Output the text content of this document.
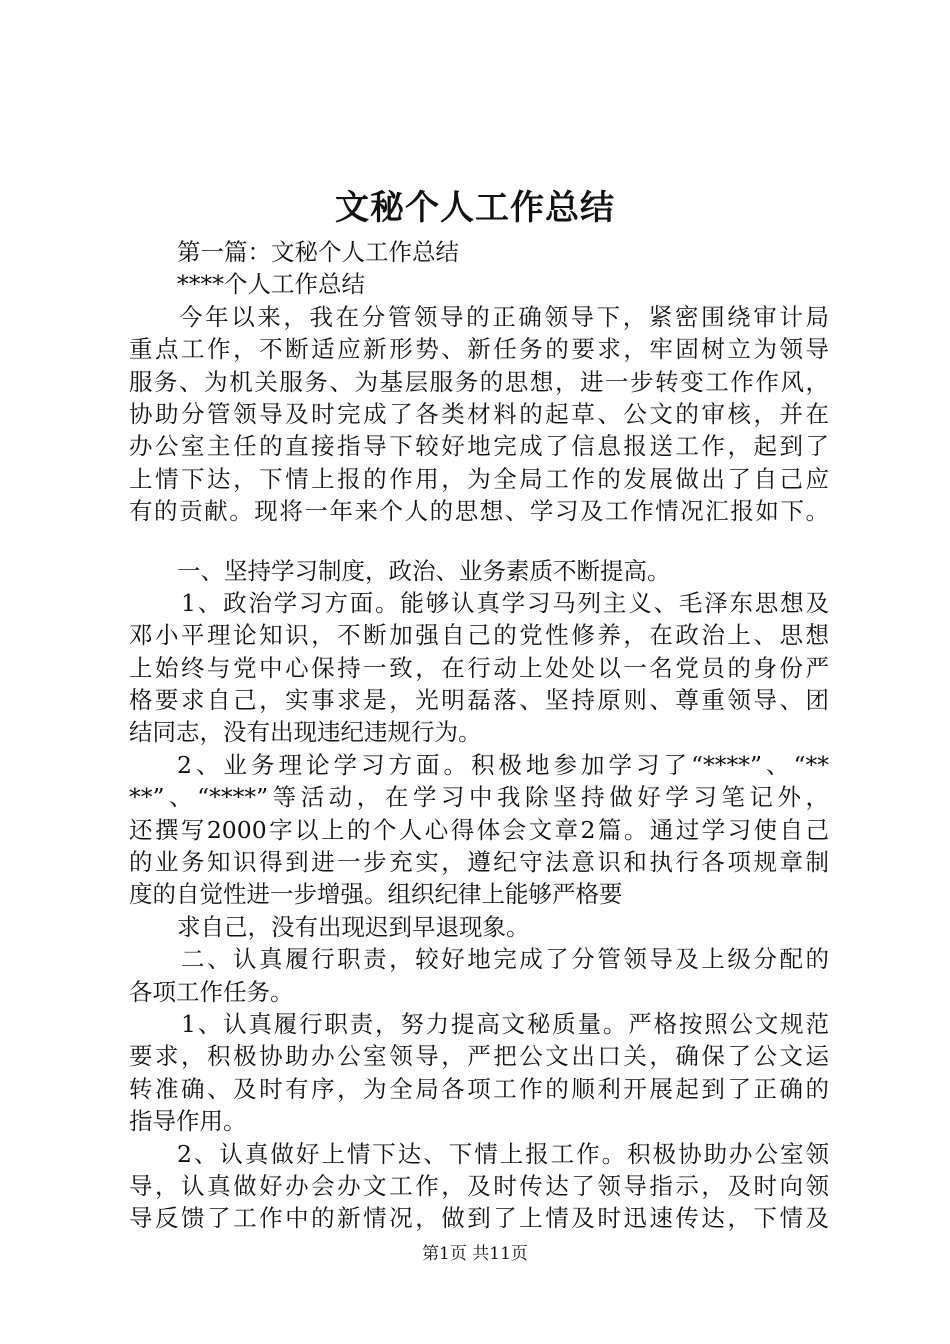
文秘个人工作总结
第一篇：文秘个人工作总结
****个人工作总结
今年以来，我在分管领导的正确领导下，紧密围绕审计局
重点工作，不断适应新形势、新任务的要求，牢固树立为领导
服务、为机关服务、为基层服务的思想，进一步转变工作作风，
协助分管领导及时完成了各类材料的起草、公文的审核，并在
办公室主任的直接指导下较好地完成了信息报送工作，起到了
上情下达，下情上报的作用，为全局工作的发展做出了自己应
有的贡献。现将一年来个人的思想、学习及工作情况汇报如下。
一、坚持学习制度，政治、业务素质不断提高。
1、政治学习方面。能够认真学习马列主义、毛泽东思想及
邓小平理论知识，不断加强自己的党性修养，在政治上、思想
上始终与党中心保持一致，在行动上处处以一名党员的身份严
格要求自己，实事求是，光明磊落、坚持原则、尊重领导、团
结同志，没有出现违纪违规行为。
2、业务理论学习方面。积极地参加学习了“****”、“**
**”、“****”等活动，在学习中我除坚持做好学习笔记外，
还撰写2000字以上的个人心得体会文章2篇。通过学习使自己
的业务知识得到进一步充实，遵纪守法意识和执行各项规章制
度的自觉性进一步增强。组织纪律上能够严格要
求自己，没有出现迟到早退现象。
二、认真履行职责，较好地完成了分管领导及上级分配的
各项工作任务。
1、认真履行职责，努力提高文秘质量。严格按照公文规范
要求，积极协助办公室领导，严把公文出口关，确保了公文运
转准确、及时有序，为全局各项工作的顺利开展起到了正确的
指导作用。
2、认真做好上情下达、下情上报工作。积极协助办公室领
导，认真做好办会办文工作，及时传达了领导指示，及时向领
导反馈了工作中的新情况，做到了上情及时迅速传达，下情及
第1页 共11页
